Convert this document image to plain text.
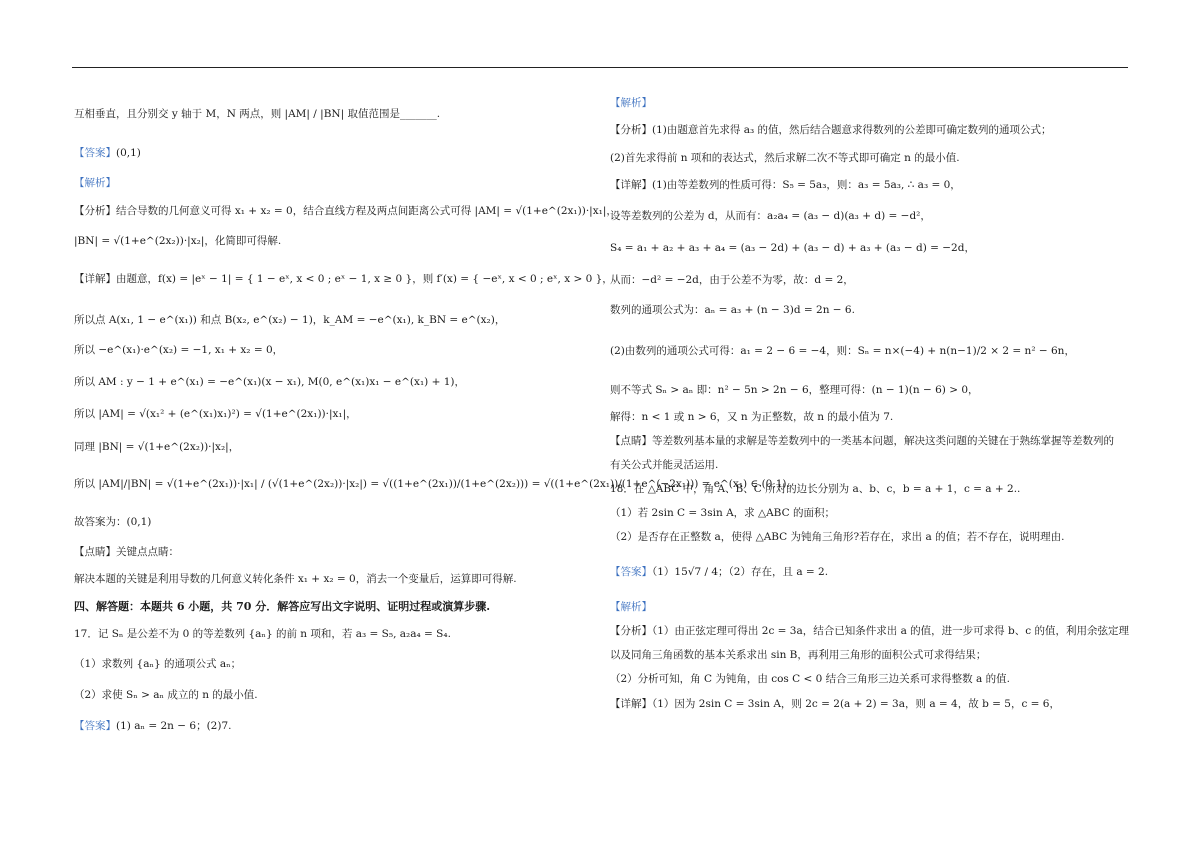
互相垂直，且分别交 y 轴于 M，N 两点，则 |AM| / |BN| 取值范围是_______.
【答案】(0,1)
【解析】
【分析】结合导数的几何意义可得 x₁ + x₂ = 0，结合直线方程及两点间距离公式可得 |AM| = √(1+e^(2x₁))·|x₁|，
|BN| = √(1+e^(2x₂))·|x₂|，化简即可得解.
【详解】由题意，f(x) = |eˣ − 1| = { 1 − eˣ, x < 0 ; eˣ − 1, x ≥ 0 }，则 f′(x) = { −eˣ, x < 0 ; eˣ, x > 0 }，
所以点 A(x₁, 1 − e^(x₁)) 和点 B(x₂, e^(x₂) − 1)，k_AM = −e^(x₁), k_BN = e^(x₂)，
所以 −e^(x₁)·e^(x₂) = −1, x₁ + x₂ = 0，
所以 AM : y − 1 + e^(x₁) = −e^(x₁)(x − x₁), M(0, e^(x₁)x₁ − e^(x₁) + 1)，
所以 |AM| = √(x₁² + (e^(x₁)x₁)²) = √(1+e^(2x₁))·|x₁|，
同理 |BN| = √(1+e^(2x₂))·|x₂|，
所以 |AM|/|BN| = √(1+e^(2x₁))·|x₁| / (√(1+e^(2x₂))·|x₂|) = √((1+e^(2x₁))/(1+e^(2x₂))) = √((1+e^(2x₁))/(1+e^(−2x₁))) = e^(x₁) ∈ (0,1).
故答案为：(0,1)
【点睛】关键点点睛：
解决本题的关键是利用导数的几何意义转化条件 x₁ + x₂ = 0，消去一个变量后，运算即可得解.
四、解答题：本题共 6 小题，共 70 分．解答应写出文字说明、证明过程或演算步骤.
17．记 Sₙ 是公差不为 0 的等差数列 {aₙ} 的前 n 项和，若 a₃ = S₅, a₂a₄ = S₄.
（1）求数列 {aₙ} 的通项公式 aₙ；
（2）求使 Sₙ > aₙ 成立的 n 的最小值.
【答案】(1) aₙ = 2n − 6；(2)7.
【解析】
【分析】(1)由题意首先求得 a₃ 的值，然后结合题意求得数列的公差即可确定数列的通项公式；
(2)首先求得前 n 项和的表达式，然后求解二次不等式即可确定 n 的最小值.
【详解】(1)由等差数列的性质可得：S₅ = 5a₃，则：a₃ = 5a₃, ∴ a₃ = 0，
设等差数列的公差为 d，从而有：a₂a₄ = (a₃ − d)(a₃ + d) = −d²，
S₄ = a₁ + a₂ + a₃ + a₄ = (a₃ − 2d) + (a₃ − d) + a₃ + (a₃ − d) = −2d，
从而：−d² = −2d，由于公差不为零，故：d = 2，
数列的通项公式为：aₙ = a₃ + (n − 3)d = 2n − 6.
(2)由数列的通项公式可得：a₁ = 2 − 6 = −4，则：Sₙ = n×(−4) + n(n−1)/2 × 2 = n² − 6n，
则不等式 Sₙ > aₙ 即：n² − 5n > 2n − 6，整理可得：(n − 1)(n − 6) > 0，
解得：n < 1 或 n > 6，又 n 为正整数，故 n 的最小值为 7.
【点睛】等差数列基本量的求解是等差数列中的一类基本问题，解决这类问题的关键在于熟练掌握等差数列的
有关公式并能灵活运用.
18．在 △ABC 中，角 A、B、C 所对的边长分别为 a、b、c，b = a + 1，c = a + 2..
（1）若 2sin C = 3sin A，求 △ABC 的面积；
（2）是否存在正整数 a，使得 △ABC 为钝角三角形?若存在，求出 a 的值；若不存在，说明理由.
【答案】（1）15√7 / 4；（2）存在，且 a = 2.
【解析】
【分析】（1）由正弦定理可得出 2c = 3a，结合已知条件求出 a 的值，进一步可求得 b、c 的值，利用余弦定理
以及同角三角函数的基本关系求出 sin B，再利用三角形的面积公式可求得结果；
（2）分析可知，角 C 为钝角，由 cos C < 0 结合三角形三边关系可求得整数 a 的值.
【详解】（1）因为 2sin C = 3sin A，则 2c = 2(a + 2) = 3a，则 a = 4，故 b = 5，c = 6，
